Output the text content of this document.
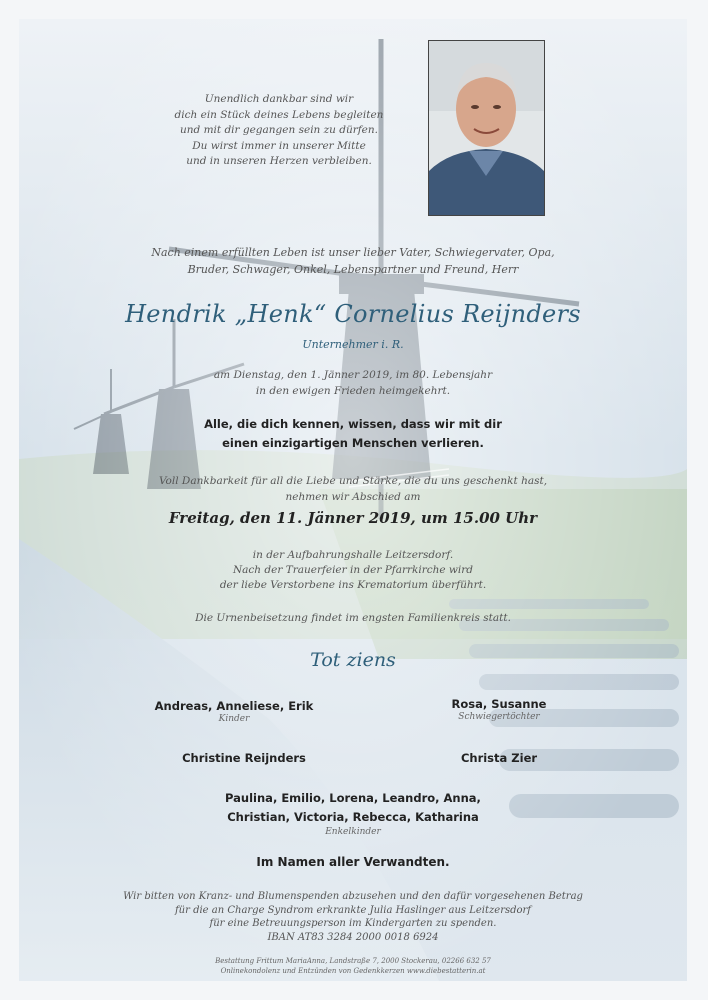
Unendlich dankbar sind wir
dich ein Stück deines Lebens begleiten
und mit dir gegangen sein zu dürfen.
Du wirst immer in unserer Mitte
und in unseren Herzen verbleiben.

Nach einem erfüllten Leben ist unser lieber Vater, Schwiegervater, Opa,
Bruder, Schwager, Onkel, Lebenspartner und Freund, Herr

Hendrik „Henk“ Cornelius Reijnders

Unternehmer i. R.

am Dienstag, den 1. Jänner 2019, im 80. Lebensjahr
in den ewigen Frieden heimgekehrt.

Alle, die dich kennen, wissen, dass wir mit dir
einen einzigartigen Menschen verlieren.

Voll Dankbarkeit für all die Liebe und Stärke, die du uns geschenkt hast,
nehmen wir Abschied am

Freitag, den 11. Jänner 2019, um 15.00 Uhr

in der Aufbahrungshalle Leitzersdorf.
Nach der Trauerfeier in der Pfarrkirche wird
der liebe Verstorbene ins Krematorium überführt.

Die Urnenbeisetzung findet im engsten Familienkreis statt.

Tot ziens

Andreas, Anneliese, Erik

Kinder

Rosa, Susanne

Schwiegertöchter

Christine Reijnders	Christa Zier

Paulina, Emilio, Lorena, Leandro, Anna,
Christian, Victoria, Rebecca, Katharina

Enkelkinder

Im Namen aller Verwandten.

Wir bitten von Kranz- und Blumenspenden abzusehen und den dafür vorgesehenen Betrag
für die an Charge Syndrom erkrankte Julia Haslinger aus Leitzersdorf
für eine Betreuungsperson im Kindergarten zu spenden.
IBAN AT83 3284 2000 0018 6924

Bestattung Frittum MariaAnna, Landstraße 7, 2000 Stockerau, 02266 632 57
Onlinekondolenz und Entzünden von Gedenkkerzen www.diebestatterin.at
